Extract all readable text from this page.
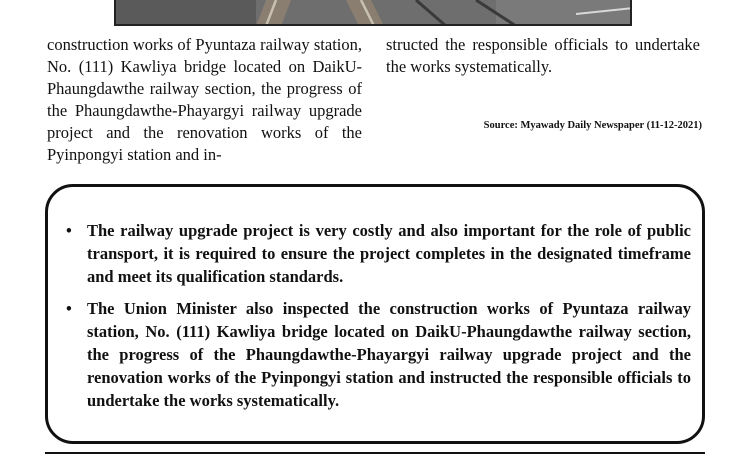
construction works of Pyuntaza railway station, No. (111) Kawliya bridge located on DaikU-Phaungdawthe railway section, the progress of the Phaungdawthe-Phayargyi railway upgrade project and the renovation works of the Pyinpongyi station and in-

structed the responsible officials to undertake the works systematically.

Source: Myawady Daily Newspaper (11-12-2021)
• The railway upgrade project is very costly and also important for the role of public transport, it is required to ensure the project completes in the designated timeframe and meet its qualification standards.
• The Union Minister also inspected the construction works of Pyuntaza railway station, No. (111) Kawliya bridge located on DaikU-Phaungdawthe railway section, the progress of the Phaungdawthe-Phayargyi railway upgrade project and the renovation works of the Pyinpongyi station and instructed the responsible officials to undertake the works systematically.
